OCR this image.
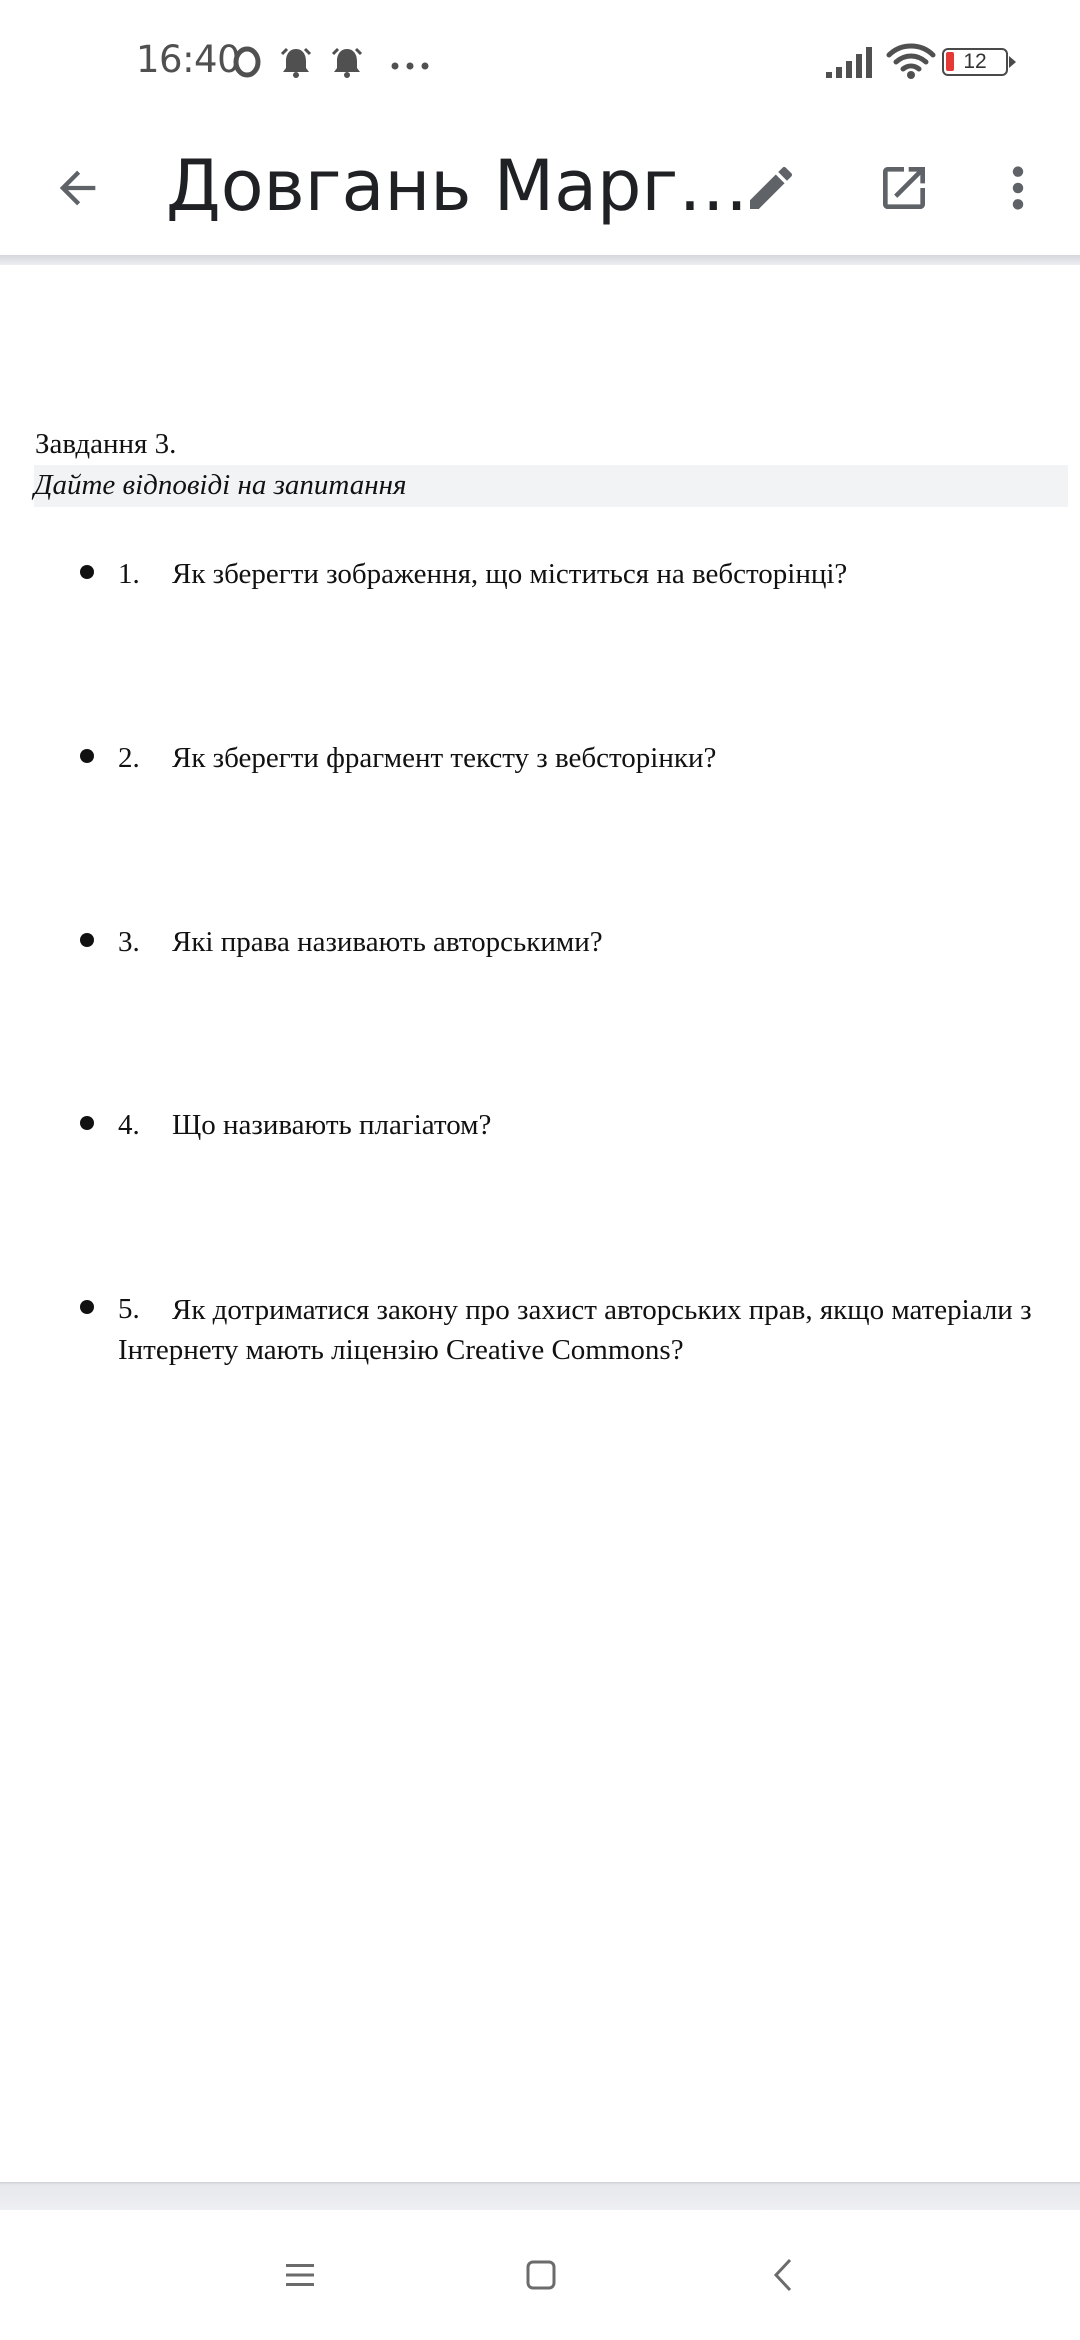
16:40	12
Довгань Марг…
Завдання 3.
Дайте відповіді на запитання
1. Як зберегти зображення, що міститься на вебсторінці?
2. Як зберегти фрагмент тексту з вебсторінки?
3. Які права називають авторськими?
4. Що називають плагіатом?
5.	Як дотриматися закону про захист авторських прав, якщо матеріали з Інтернету мають ліцензію Creative Commons?
